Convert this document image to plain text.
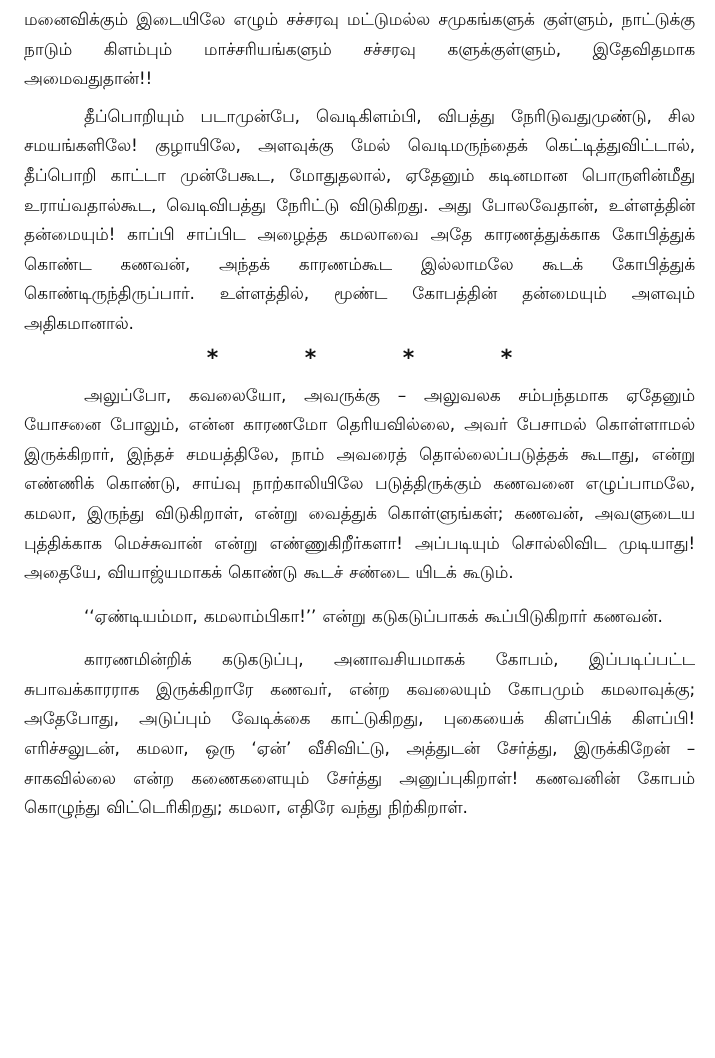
மனைவிக்கும் இடையிலே எழும் சச்சரவு மட்டுமல்ல சமுகங்களுக் குள்ளும், நாட்டுக்கு நாடும் கிளம்பும் மாச்சரியங்களும் சச்சரவு களுக்குள்ளும், இதேவிதமாக அமைவதுதான்!!

தீப்பொறியும் படாமுன்பே, வெடிகிளம்பி, விபத்து நேரிடுவதுமுண்டு, சில சமயங்களிலே! குழாயிலே, அளவுக்கு மேல் வெடிமருந்தைக் கெட்டித்துவிட்டால், தீப்பொறி காட்டா முன்பேகூட, மோதுதலால், ஏதேனும் கடினமான பொருளின்மீது உராய்வதால்கூட, வெடிவிபத்து நேரிட்டு விடுகிறது. அது போலவேதான், உள்ளத்தின் தன்மையும்! காப்பி சாப்பிட அழைத்த கமலாவை அதே காரணத்துக்காக கோபித்துக் கொண்ட கணவன், அந்தக் காரணம்கூட இல்லாமலே கூடக் கோபித்துக் கொண்டிருந்திருப்பார். உள்ளத்தில், மூண்ட கோபத்தின் தன்மையும் அளவும் அதிகமானால்.

*	*	*	*

அலுப்போ, கவலையோ, அவருக்கு – அலுவலக சம்பந்தமாக ஏதேனும் யோசனை போலும், என்ன காரணமோ தெரியவில்லை, அவர் பேசாமல் கொள்ளாமல் இருக்கிறார், இந்தச் சமயத்திலே, நாம் அவரைத் தொல்லைப்படுத்தக் கூடாது, என்று எண்ணிக் கொண்டு, சாய்வு நாற்காலியிலே படுத்திருக்கும் கணவனை எழுப்பாமலே, கமலா, இருந்து விடுகிறாள், என்று வைத்துக் கொள்ளுங்கள்; கணவன், அவளுடைய புத்திக்காக மெச்சுவான் என்று எண்ணுகிறீர்களா! அப்படியும் சொல்லிவிட முடியாது! அதையே, வியாஜ்யமாகக் கொண்டு கூடச் சண்டை யிடக் கூடும்.

‘‘ஏண்டியம்மா, கமலாம்பிகா!’’ என்று கடுகடுப்பாகக் கூப்பிடுகிறார் கணவன்.

காரணமின்றிக் கடுகடுப்பு, அனாவசியமாகக் கோபம், இப்படிப்பட்ட சுபாவக்காரராக இருக்கிறாரே கணவர், என்ற கவலையும் கோபமும் கமலாவுக்கு; அதேபோது, அடுப்பும் வேடிக்கை காட்டுகிறது, புகையைக் கிளப்பிக் கிளப்பி! எரிச்சலுடன், கமலா, ஒரு ‘ஏன்’ வீசிவிட்டு, அத்துடன் சேர்த்து, இருக்கிறேன் – சாகவில்லை என்ற கணைகளையும் சேர்த்து அனுப்புகிறாள்! கணவனின் கோபம் கொழுந்து விட்டெரிகிறது; கமலா, எதிரே வந்து நிற்கிறாள்.
